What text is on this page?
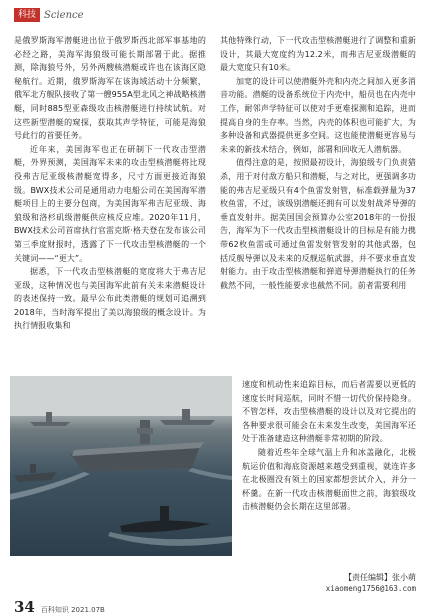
科技 Science

是俄罗斯海军潜艇进出位于俄罗斯西北部军事基地的必经之路，美海军海狼级可能长期部署于此。据推测，除海狼号外，另外两艘核潜艇或许也在该海区隐秘航行。近期，俄罗斯海军在该海域活动十分频繁，俄军北方舰队接收了第一艘955A型北风之神战略核潜艇，同时885型亚森级攻击核潜艇进行持续试航。对这些新型潜艇的窥探，获取其声学特征，可能是海狼号此行的首要任务。

近年来，美国海军也正在研制下一代攻击型潜艇，外界预测，美国海军未来的攻击型核潜艇将比现役弗吉尼亚级核潜艇宽得多，尺寸方面更接近海狼级。BWX技术公司是通用动力电船公司在美国海军潜艇项目上的主要分包商，为美国海军弗吉尼亚级、海狼级和洛杉矶级潜艇供应核反应堆。2020年11月，BWX技术公司首席执行官雷克斯·格夫登在发布该公司第三季度财报时，透露了下一代攻击型核潜艇的一个关键词——“更大”。

据悉，下一代攻击型核潜艇的宽度将大于弗吉尼亚级，这种情况也与美国海军此前有关未来潜艇设计的表述保持一致。最早公布此类潜艇的规划可追溯到2018年，当时海军提出了美以海狼级的概念设计。为执行情报收集和

其他特殊行动，下一代攻击型核潜艇进行了调整和重新设计，其最大宽度约为12.2米，而弗吉尼亚级潜艇的最大宽度只有10米。

加宽的设计可以使潜艇外壳和内壳之间加入更多消音功能。潜艇的设备系统位于内壳中，船员也在内壳中工作，耐邻声学特征可以使对手更难探测和追踪，进而提高自身的生存率。当然，内壳的体积也可能扩大，为多种设备和武器提供更多空间。这也能使潜艇更容易与未来的新技术结合，例如，部署和回收无人潜航器。

值得注意的是，按照最初设计，海狼级专门负责猎杀，用于对付敌方船只和潜艇，与之对比，更强调多功能的弗吉尼亚级只有4个鱼雷发射管，标准载弹量为37枚鱼雷，不过，该级别潜艇还拥有可以发射战斧导弹的垂直发射井。据美国国会预算办公室2018年的一份报告，海军为下一代攻击型核潜艇设计的目标是有能力携带62枚鱼雷或可通过鱼雷发射管发射的其他武器，包括反舰导弹以及未来的反舰巡航武器，并不要求垂直发射能力。由于攻击型核潜艇和弹道导弹潜艇执行的任务截然不同，一般性能要求也截然不同。前者需要利用

速度和机动性来追踪目标，而后者需要以更低的速度长时间巡航，同时不惜一切代价保持隐身。不管怎样，攻击型核潜艇的设计以及对它提出的各种要求很可能会在未来发生改变，美国海军还处于准备建造这种潜艇非常初期的阶段。

随着近些年全球气温上升和冰盖融化，北极航运价值和海底资源越来越受到重视，就连许多在北极圈没有领土的国家都想尝试介入，并分一杯羹。在新一代攻击核潜艇面世之前，海狼级攻击核潜艇仍会长期在这里部署。

【责任编辑】张小萌
xiaomeng1756@163.com
34 百科知识 2021.07B
